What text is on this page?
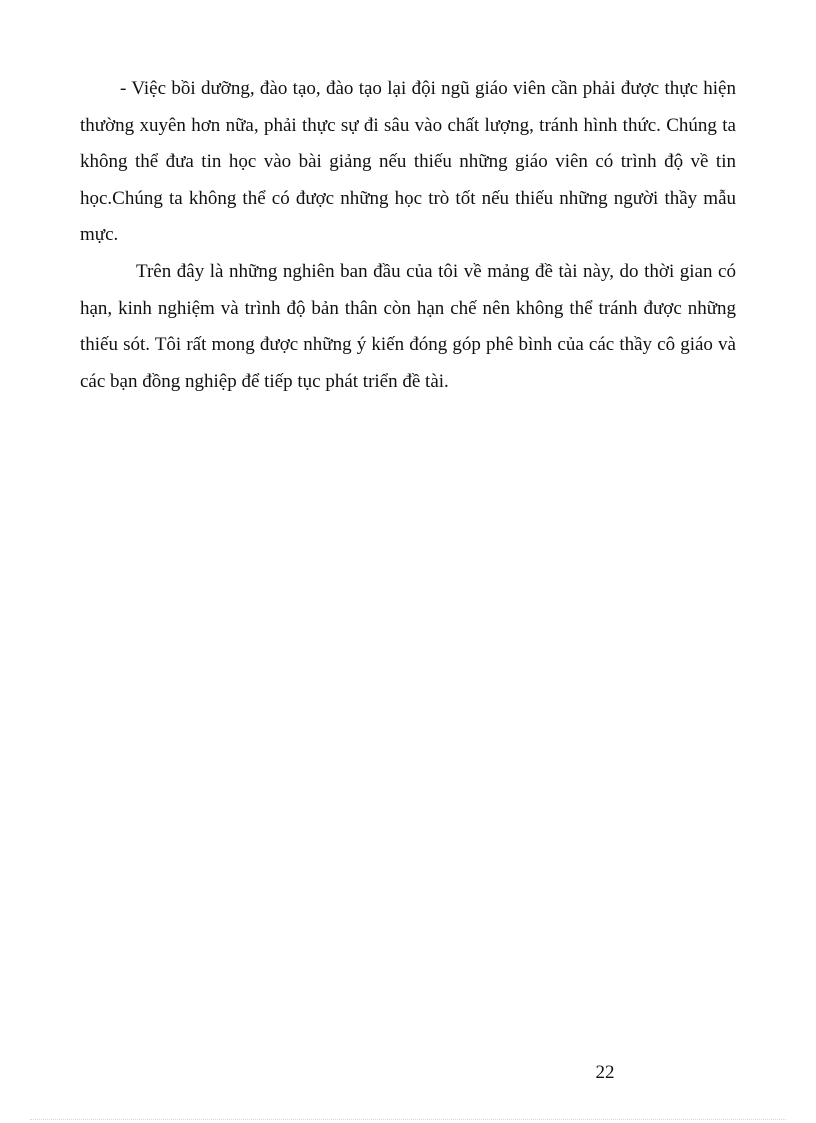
- Việc bồi dưỡng, đào tạo, đào tạo lại đội ngũ giáo viên cần phải được thực hiện thường xuyên hơn nữa, phải thực sự đi sâu vào chất lượng, tránh hình thức. Chúng ta không thể đưa tin học vào bài giảng nếu thiếu những giáo viên có trình độ về tin học.Chúng ta không thể có được những học trò tốt nếu thiếu những người thầy mẫu mực.

Trên đây là những nghiên ban đầu của tôi về mảng đề tài này, do thời gian có hạn, kinh nghiệm và trình độ bản thân còn hạn chế nên không thể tránh được những thiếu sót. Tôi rất mong được những ý kiến đóng góp phê bình của các thầy cô giáo và các bạn đồng nghiệp để tiếp tục phát triển đề tài.

22
